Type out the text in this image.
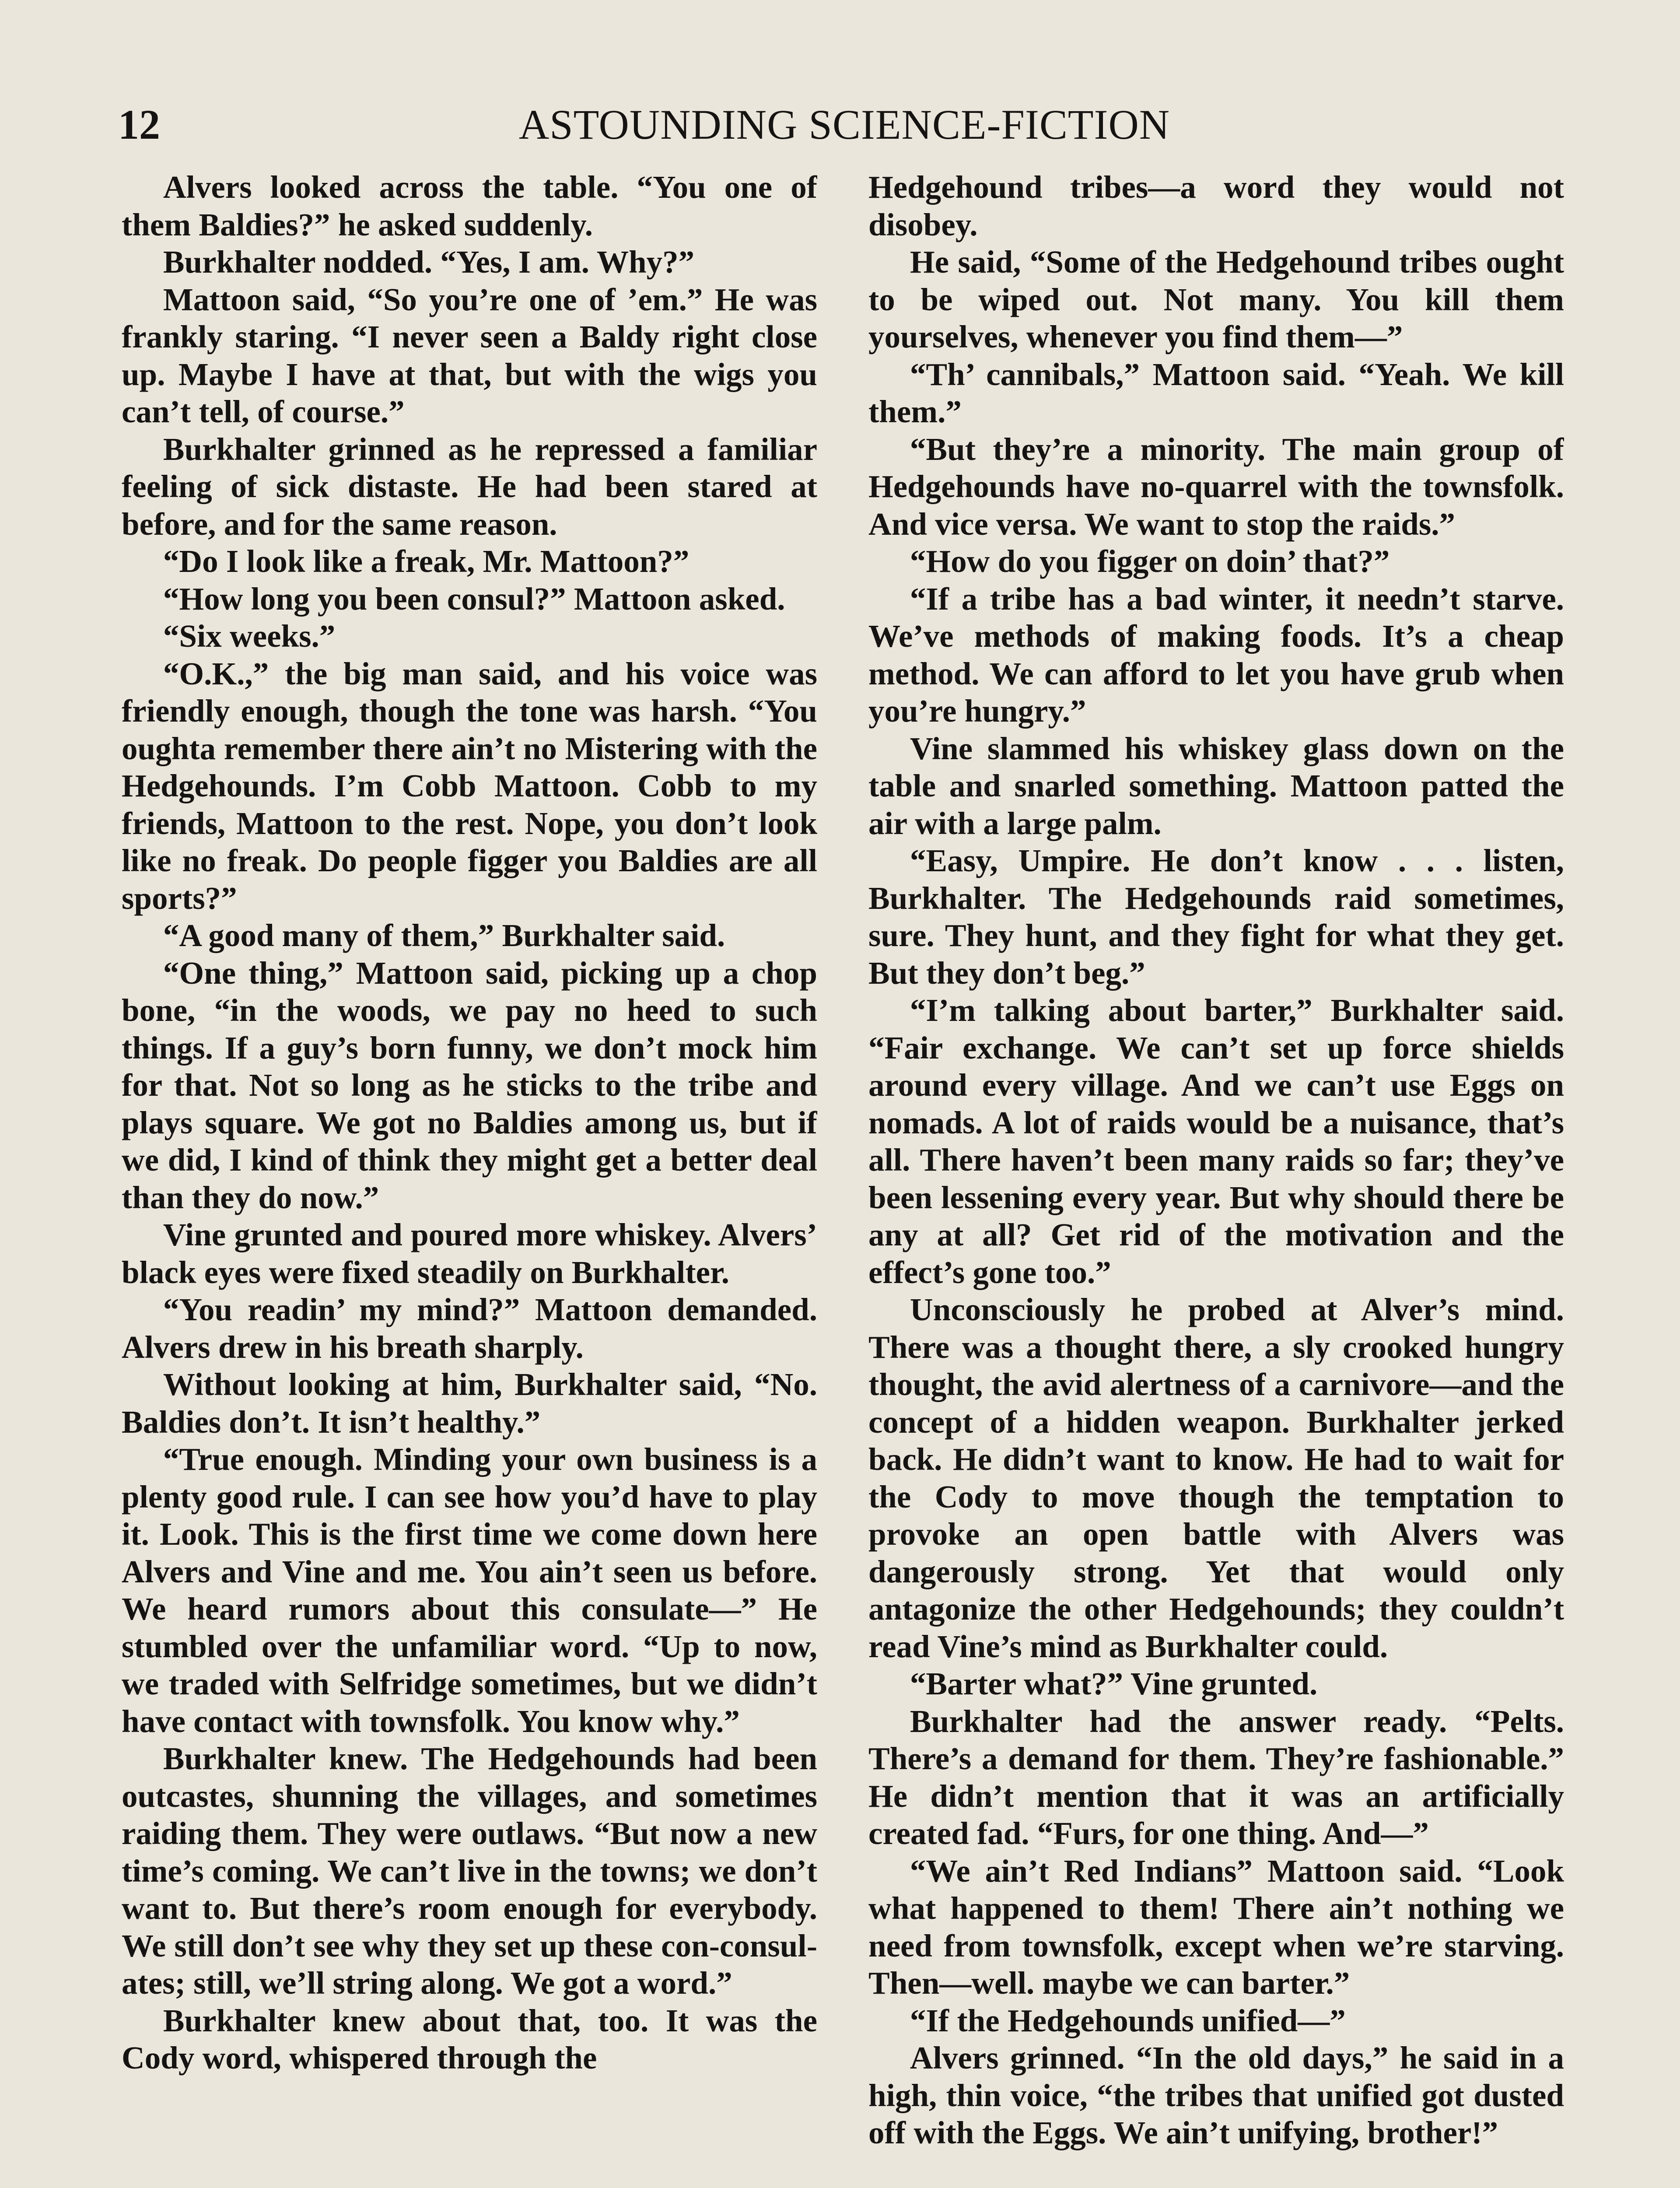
12	ASTOUNDING SCIENCE-FICTION

Alvers looked across the table. “You one of them Baldies?” he asked suddenly.

Burkhalter nodded. “Yes, I am. Why?”

Mattoon said, “So you’re one of ’em.” He was frankly staring. “I never seen a Baldy right close up. Maybe I have at that, but with the wigs you can’t tell, of course.”

Burkhalter grinned as he repressed a familiar feeling of sick distaste. He had been stared at before, and for the same reason.

“Do I look like a freak, Mr. Mattoon?”

“How long you been consul?” Mattoon asked.

“Six weeks.”

“O.K.,” the big man said, and his voice was friendly enough, though the tone was harsh. “You oughta remember there ain’t no Mistering with the Hedgehounds. I’m Cobb Mattoon. Cobb to my friends, Mattoon to the rest. Nope, you don’t look like no freak. Do people figger you Baldies are all sports?”

“A good many of them,” Burkhalter said.

“One thing,” Mattoon said, picking up a chop bone, “in the woods, we pay no heed to such things. If a guy’s born funny, we don’t mock him for that. Not so long as he sticks to the tribe and plays square. We got no Baldies among us, but if we did, I kind of think they might get a better deal than they do now.”

Vine grunted and poured more whiskey. Alvers’ black eyes were fixed steadily on Burkhalter.

“You readin’ my mind?” Mattoon demanded. Alvers drew in his breath sharply.

Without looking at him, Burkhalter said, “No. Baldies don’t. It isn’t healthy.”

“True enough. Minding your own business is a plenty good rule. I can see how you’d have to play it. Look. This is the first time we come down here Alvers and Vine and me. You ain’t seen us before. We heard rumors about this consulate—” He stumbled over the unfamiliar word. “Up to now, we traded with Selfridge sometimes, but we didn’t have contact with townsfolk. You know why.”

Burkhalter knew. The Hedgehounds had been outcastes, shunning the villages, and sometimes raiding them. They were outlaws. “But now a new time’s coming. We can’t live in the towns; we don’t want to. But there’s room enough for everybody. We still don’t see why they set up these con-consulates; still, we’ll string along. We got a word.”

Burkhalter knew about that, too. It was the Cody word, whispered through the

Hedgehound tribes—a word they would not disobey.

He said, “Some of the Hedgehound tribes ought to be wiped out. Not many. You kill them yourselves, whenever you find them—”

“Th’ cannibals,” Mattoon said. “Yeah. We kill them.”

“But they’re a minority. The main group of Hedgehounds have no-quarrel with the townsfolk. And vice versa. We want to stop the raids.”

“How do you figger on doin’ that?”

“If a tribe has a bad winter, it needn’t starve. We’ve methods of making foods. It’s a cheap method. We can afford to let you have grub when you’re hungry.”

Vine slammed his whiskey glass down on the table and snarled something. Mattoon patted the air with a large palm.

“Easy, Umpire. He don’t know . . . listen, Burkhalter. The Hedgehounds raid sometimes, sure. They hunt, and they fight for what they get. But they don’t beg.”

“I’m talking about barter,” Burkhalter said. “Fair exchange. We can’t set up force shields around every village. And we can’t use Eggs on nomads. A lot of raids would be a nuisance, that’s all. There haven’t been many raids so far; they’ve been lessening every year. But why should there be any at all? Get rid of the motivation and the effect’s gone too.”

Unconsciously he probed at Alver’s mind. There was a thought there, a sly crooked hungry thought, the avid alertness of a carnivore—and the concept of a hidden weapon. Burkhalter jerked back. He didn’t want to know. He had to wait for the Cody to move though the temptation to provoke an open battle with Alvers was dangerously strong. Yet that would only antagonize the other Hedgehounds; they couldn’t read Vine’s mind as Burkhalter could.

“Barter what?” Vine grunted.

Burkhalter had the answer ready. “Pelts. There’s a demand for them. They’re fashionable.” He didn’t mention that it was an artificially created fad. “Furs, for one thing. And—”

“We ain’t Red Indians” Mattoon said. “Look what happened to them! There ain’t nothing we need from townsfolk, except when we’re starving. Then—well. maybe we can barter.”

“If the Hedgehounds unified—”

Alvers grinned. “In the old days,” he said in a high, thin voice, “the tribes that unified got dusted off with the Eggs. We ain’t unifying, brother!”
